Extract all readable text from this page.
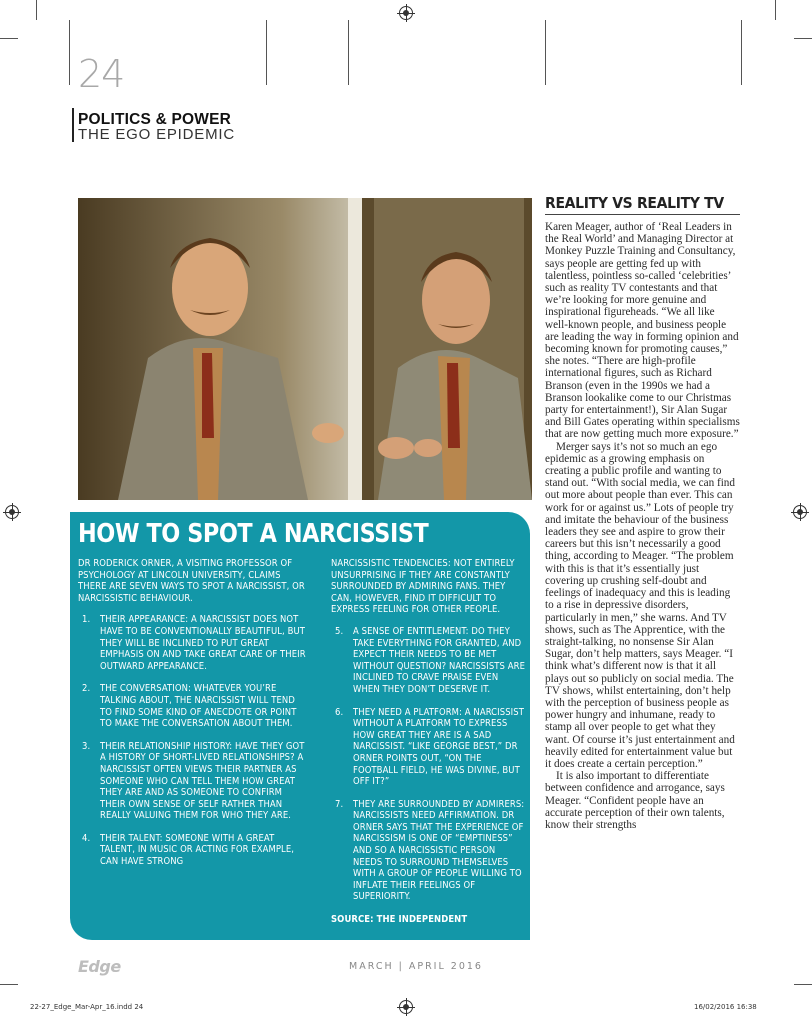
24
POLITICS & POWER
THE EGO EPIDEMIC
REALITY VS REALITY TV

Karen Meager, author of ‘Real Leaders in the Real World’ and Managing Director at Monkey Puzzle Training and Consultancy, says people are getting fed up with talentless, pointless so-called ‘celebrities’ such as reality TV contestants and that we’re looking for more genuine and inspirational figureheads. “We all like well-known people, and business people are leading the way in forming opinion and becoming known for promoting causes,” she notes. “There are high-profile international figures, such as Richard Branson (even in the 1990s we had a Branson lookalike come to our Christmas party for entertainment!), Sir Alan Sugar and Bill Gates operating within specialisms that are now getting much more exposure.”

Merger says it’s not so much an ego epidemic as a growing emphasis on creating a public profile and wanting to stand out. “With social media, we can find out more about people than ever. This can work for or against us.” Lots of people try and imitate the behaviour of the business leaders they see and aspire to grow their careers but this isn’t necessarily a good thing, according to Meager. “The problem with this is that it’s essentially just covering up crushing self-doubt and feelings of inadequacy and this is leading to a rise in depressive disorders, particularly in men,” she warns. And TV shows, such as The Apprentice, with the straight-talking, no nonsense Sir Alan Sugar, don’t help matters, says Meager. “I think what’s different now is that it all plays out so publicly on social media. The TV shows, whilst entertaining, don’t help with the perception of business people as power hungry and inhumane, ready to stamp all over people to get what they want. Of course it’s just entertainment and heavily edited for entertainment value but it does create a certain perception.”

It is also important to differentiate between confidence and arrogance, says Meager. “Confident people have an accurate perception of their own talents, know their strengths

HOW TO SPOT A NARCISSIST

DR RODERICK ORNER, A VISITING PROFESSOR OF PSYCHOLOGY AT LINCOLN UNIVERSITY, CLAIMS THERE ARE SEVEN WAYS TO SPOT A NARCISSIST, OR NARCISSISTIC BEHAVIOUR.

1. THEIR APPEARANCE: A NARCISSIST DOES NOT HAVE TO BE CONVENTIONALLY BEAUTIFUL, BUT THEY WILL BE INCLINED TO PUT GREAT EMPHASIS ON AND TAKE GREAT CARE OF THEIR OUTWARD APPEARANCE.
2. THE CONVERSATION: WHATEVER YOU’RE TALKING ABOUT, THE NARCISSIST WILL TEND TO FIND SOME KIND OF ANECDOTE OR POINT TO MAKE THE CONVERSATION ABOUT THEM.
3. THEIR RELATIONSHIP HISTORY: HAVE THEY GOT A HISTORY OF SHORT-LIVED RELATIONSHIPS? A NARCISSIST OFTEN VIEWS THEIR PARTNER AS SOMEONE WHO CAN TELL THEM HOW GREAT THEY ARE AND AS SOMEONE TO CONFIRM THEIR OWN SENSE OF SELF RATHER THAN REALLY VALUING THEM FOR WHO THEY ARE.
4. THEIR TALENT: SOMEONE WITH A GREAT TALENT, IN MUSIC OR ACTING FOR EXAMPLE, CAN HAVE STRONG

NARCISSISTIC TENDENCIES: NOT ENTIRELY UNSURPRISING IF THEY ARE CONSTANTLY SURROUNDED BY ADMIRING FANS. THEY CAN, HOWEVER, FIND IT DIFFICULT TO EXPRESS FEELING FOR OTHER PEOPLE.

5. A SENSE OF ENTITLEMENT: DO THEY TAKE EVERYTHING FOR GRANTED, AND EXPECT THEIR NEEDS TO BE MET WITHOUT QUESTION? NARCISSISTS ARE INCLINED TO CRAVE PRAISE EVEN WHEN THEY DON’T DESERVE IT.
6. THEY NEED A PLATFORM: A NARCISSIST WITHOUT A PLATFORM TO EXPRESS HOW GREAT THEY ARE IS A SAD NARCISSIST. “LIKE GEORGE BEST,” DR ORNER POINTS OUT, “ON THE FOOTBALL FIELD, HE WAS DIVINE, BUT OFF IT?”
7. THEY ARE SURROUNDED BY ADMIRERS: NARCISSISTS NEED AFFIRMATION. DR ORNER SAYS THAT THE EXPERIENCE OF NARCISSISM IS ONE OF “EMPTINESS” AND SO A NARCISSISTIC PERSON NEEDS TO SURROUND THEMSELVES WITH A GROUP OF PEOPLE WILLING TO INFLATE THEIR FEELINGS OF SUPERIORITY.
SOURCE: THE INDEPENDENT
Edge	MARCH | APRIL 2016
22-27_Edge_Mar-Apr_16.indd 24	16/02/2016 16:38
